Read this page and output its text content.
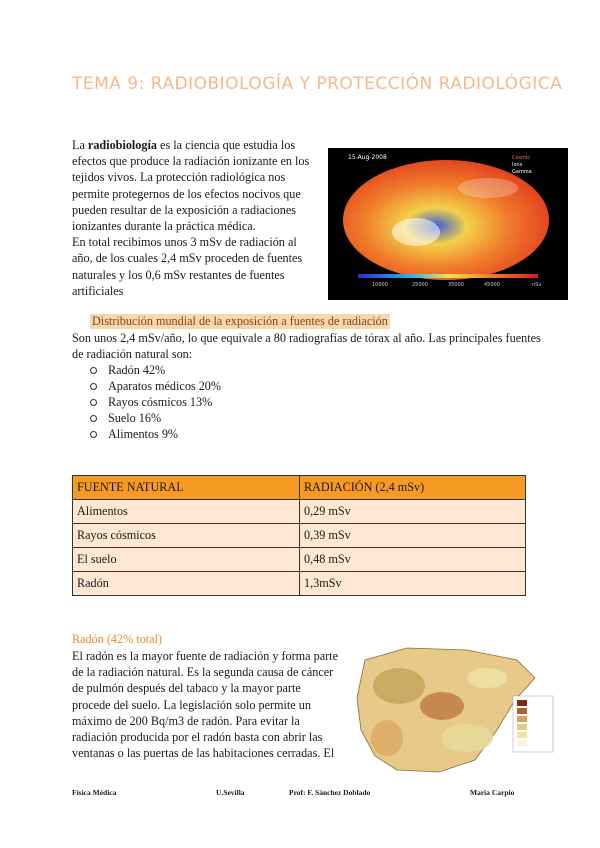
TEMA 9: RADIOBIOLOGÍA Y PROTECCIÓN RADIOLÓGICA

La radiobiología es la ciencia que estudia los efectos que produce la radiación ionizante en los tejidos vivos. La protección radiológica nos permite protegernos de los efectos nocivos que pueden resultar de la exposición a radiaciones ionizantes durante la práctica médica.

En total recibimos unos 3 mSv de radiación al año, de los cuales 2,4 mSv proceden de fuentes naturales y los 0,6 mSv restantes de fuentes artificiales

15-Aug-2008	Cosmic
Ions
Gamma
10000	25000	35000	45000	nSv
Distribución mundial de la exposición a fuentes de radiación
Son unos 2,4 mSv/año, lo que equivale a 80 radiografías de tórax al año. Las principales fuentes de radiación natural son:
Radón 42%
Aparatos médicos 20%
Rayos cósmicos 13%
Suelo 16%
Alimentos 9%
FUENTE NATURAL	RADIACIÓN (2,4 mSv)
Alimentos	0,29 mSv
Rayos cósmicos	0,39 mSv
El suelo	0,48 mSv
Radón	1,3mSv
Radón (42% total)
El radón es la mayor fuente de radiación y forma parte de la radiación natural. Es la segunda causa de cáncer de pulmón después del tabaco y la mayor parte procede del suelo. La legislación solo permite un máximo de 200 Bq/m3 de radón. Para evitar la radiación producida por el radón basta con abrir las ventanas o las puertas de las habitaciones cerradas. El
Física Médica	U.Sevilla	Prof: F. Sánchez Doblado	Maria Carpio
